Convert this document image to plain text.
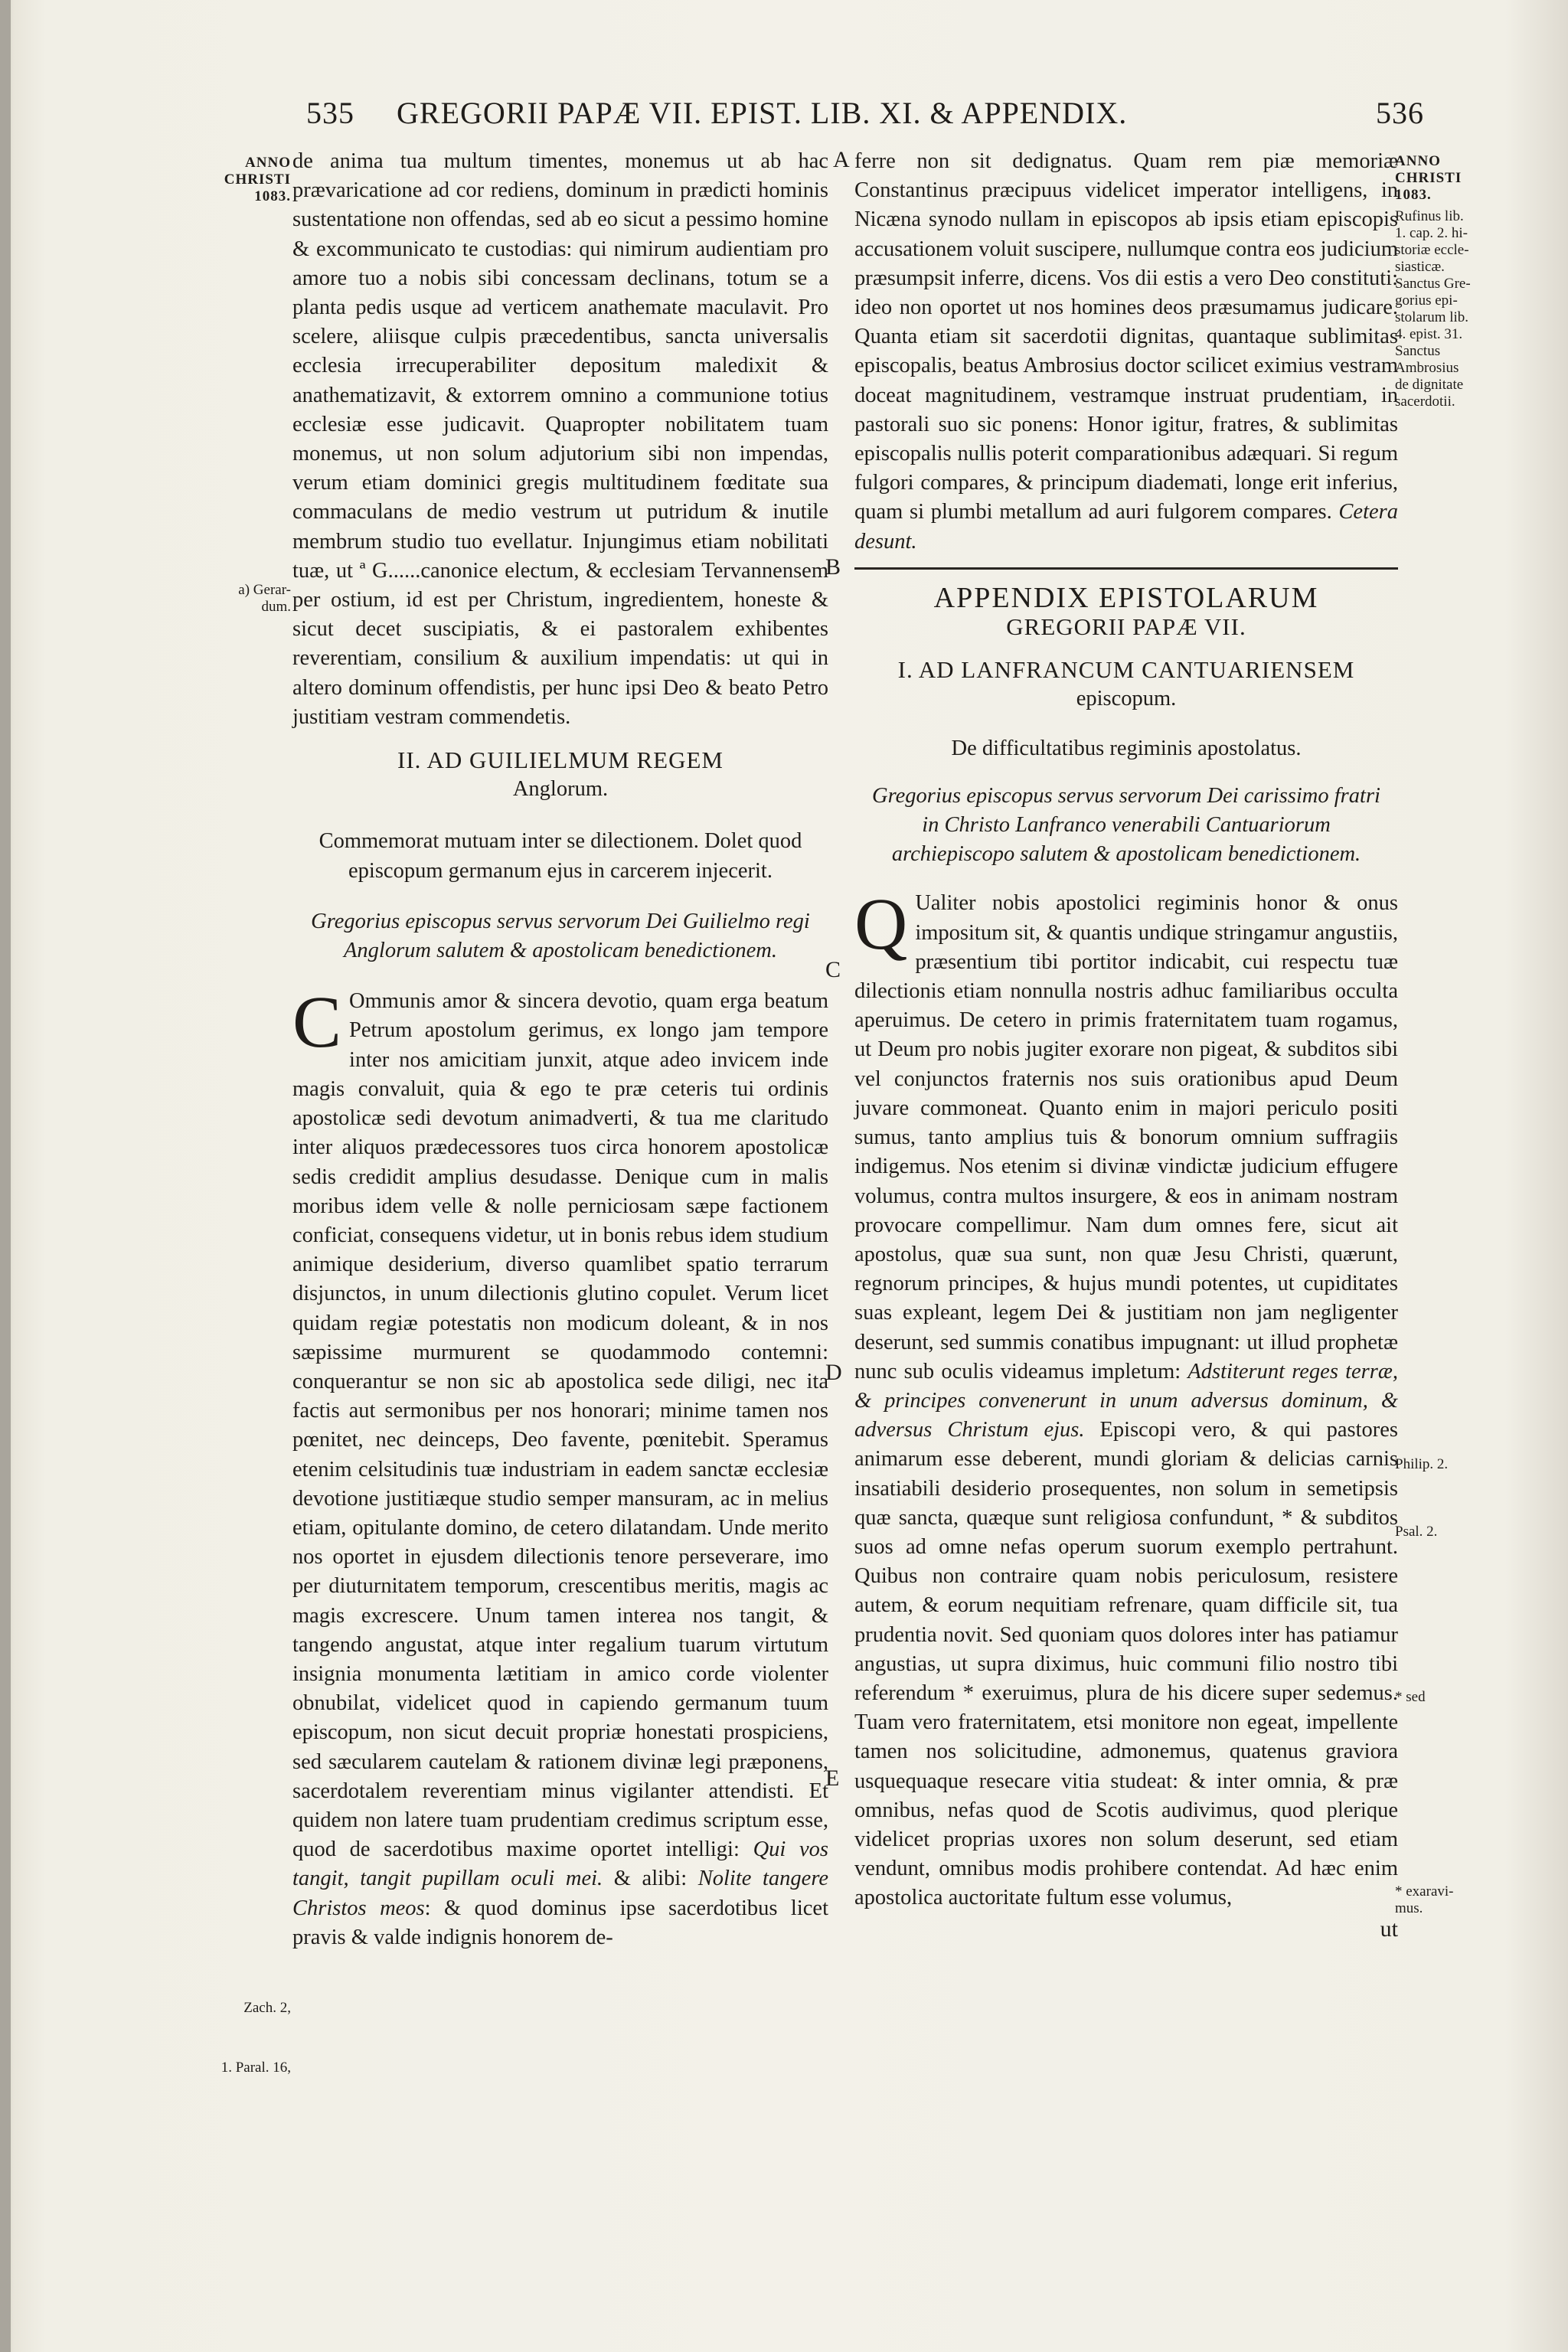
535 GREGORII PAPÆ VII. EPIST. LIB. XI. & APPENDIX.	536
ANNO
CHRISTI
1083.
a) Gerar-
dum.
Zach. 2,
1. Paral. 16,
A
B
C
D
E

de anima tua multum timentes, monemus ut ab hac prævaricatione ad cor rediens, dominum in prædicti hominis sustentatione non offendas, sed ab eo sicut a pessimo homine & excommunicato te custodias: qui nimirum audientiam pro amore tuo a nobis sibi concessam declinans, totum se a planta pedis usque ad verticem anathemate maculavit. Pro scelere, aliisque culpis præcedentibus, sancta universalis ecclesia irrecuperabiliter depositum maledixit & anathematizavit, & extorrem omnino a communione totius ecclesiæ esse judicavit. Quapropter nobilitatem tuam monemus, ut non solum adjutorium sibi non impendas, verum etiam dominici gregis multitudinem fœditate sua commaculans de medio vestrum ut putridum & inutile membrum studio tuo evellatur. Injungimus etiam nobilitati tuæ, ut ª G......canonice electum, & ecclesiam Tervannensem per ostium, id est per Christum, ingredientem, honeste & sicut decet suscipiatis, & ei pastoralem exhibentes reverentiam, consilium & auxilium impendatis: ut qui in altero dominum offendistis, per hunc ipsi Deo & beato Petro justitiam vestram commendetis.

II. AD GUILIELMUM REGEM

Anglorum.

Commemorat mutuam inter se dilectionem. Dolet quod episcopum germanum ejus in carcerem injecerit.

Gregorius episcopus servus servorum Dei Guilielmo regi Anglorum salutem & apostolicam benedictionem.

C Ommunis amor & sincera devotio, quam erga beatum Petrum apostolum gerimus, ex longo jam tempore inter nos amicitiam junxit, atque adeo invicem inde magis convaluit, quia & ego te præ ceteris tui ordinis apostolicæ sedi devotum animadverti, & tua me claritudo inter aliquos prædecessores tuos circa honorem apostolicæ sedis credidit amplius desudasse. Denique cum in malis moribus idem velle & nolle perniciosam sæpe factionem conficiat, consequens videtur, ut in bonis rebus idem studium animique desiderium, diverso quamlibet spatio terrarum disjunctos, in unum dilectionis glutino copulet. Verum licet quidam regiæ potestatis non modicum doleant, & in nos sæpissime murmurent se quodammodo contemni: conquerantur se non sic ab apostolica sede diligi, nec ita factis aut sermonibus per nos honorari; minime tamen nos pœnitet, nec deinceps, Deo favente, pœnitebit. Speramus etenim celsitudinis tuæ industriam in eadem sanctæ ecclesiæ devotione justitiæque studio semper mansuram, ac in melius etiam, opitulante domino, de cetero dilatandam. Unde merito nos oportet in ejusdem dilectionis tenore perseverare, imo per diuturnitatem temporum, crescentibus meritis, magis ac magis excrescere. Unum tamen interea nos tangit, & tangendo angustat, atque inter regalium tuarum virtutum insignia monumenta lætitiam in amico corde violenter obnubilat, videlicet quod in capiendo germanum tuum episcopum, non sicut decuit propriæ honestati prospiciens, sed sæcularem cautelam & rationem divinæ legi præponens, sacerdotalem reverentiam minus vigilanter attendisti. Et quidem non latere tuam prudentiam credimus scriptum esse, quod de sacerdotibus maxime oportet intelligi: Qui vos tangit, tangit pupillam oculi mei. & alibi: Nolite tangere Christos meos: & quod dominus ipse sacerdotibus licet pravis & valde indignis honorem de-

ferre non sit dedignatus. Quam rem piæ memoriæ Constantinus præcipuus videlicet imperator intelligens, in Nicæna synodo nullam in episcopos ab ipsis etiam episcopis accusationem voluit suscipere, nullumque contra eos judicium præsumpsit inferre, dicens. Vos dii estis a vero Deo constituti: ideo non oportet ut nos homines deos præsumamus judicare. Quanta etiam sit sacerdotii dignitas, quantaque sublimitas episcopalis, beatus Ambrosius doctor scilicet eximius vestram doceat magnitudinem, vestramque instruat prudentiam, in pastorali suo sic ponens: Honor igitur, fratres, & sublimitas episcopalis nullis poterit comparationibus adæquari. Si regum fulgori compares, & principum diademati, longe erit inferius, quam si plumbi metallum ad auri fulgorem compares. Cetera desunt.

APPENDIX EPISTOLARUM

GREGORII PAPÆ VII.

I. AD LANFRANCUM CANTUARIENSEM

episcopum.

De difficultatibus regiminis apostolatus.

Gregorius episcopus servus servorum Dei carissimo fratri in Christo Lanfranco venerabili Cantuariorum archiepiscopo salutem & apostolicam benedictionem.

Q Ualiter nobis apostolici regiminis honor & onus impositum sit, & quantis undique stringamur angustiis, præsentium tibi portitor indicabit, cui respectu tuæ dilectionis etiam nonnulla nostris adhuc familiaribus occulta aperuimus. De cetero in primis fraternitatem tuam rogamus, ut Deum pro nobis jugiter exorare non pigeat, & subditos sibi vel conjunctos fraternis nos suis orationibus apud Deum juvare commoneat. Quanto enim in majori periculo positi sumus, tanto amplius tuis & bonorum omnium suffragiis indigemus. Nos etenim si divinæ vindictæ judicium effugere volumus, contra multos insurgere, & eos in animam nostram provocare compellimur. Nam dum omnes fere, sicut ait apostolus, quæ sua sunt, non quæ Jesu Christi, quærunt, regnorum principes, & hujus mundi potentes, ut cupiditates suas expleant, legem Dei & justitiam non jam negligenter deserunt, sed summis conatibus impugnant: ut illud prophetæ nunc sub oculis videamus impletum: Adstiterunt reges terræ, & principes convenerunt in unum adversus dominum, & adversus Christum ejus. Episcopi vero, & qui pastores animarum esse deberent, mundi gloriam & delicias carnis insatiabili desiderio prosequentes, non solum in semetipsis quæ sancta, quæque sunt religiosa confundunt, * & subditos suos ad omne nefas operum suorum exemplo pertrahunt. Quibus non contraire quam nobis periculosum, resistere autem, & eorum nequitiam refrenare, quam difficile sit, tua prudentia novit. Sed quoniam quos dolores inter has patiamur angustias, ut supra diximus, huic communi filio nostro tibi referendum * exeruimus, plura de his dicere super sedemus. Tuam vero fraternitatem, etsi monitore non egeat, impellente tamen nos solicitudine, admonemus, quatenus graviora usquequaque resecare vitia studeat: & inter omnia, & præ omnibus, nefas quod de Scotis audivimus, quod plerique videlicet proprias uxores non solum deserunt, sed etiam vendunt, omnibus modis prohibere contendat. Ad hæc enim apostolica auctoritate fultum esse volumus,

ut
ANNO
CHRISTI
1083.
Rufinus lib.
1. cap. 2. hi-
storiæ eccle-
siasticæ.
Sanctus Gre-
gorius epi-
stolarum lib.
4. epist. 31.
Sanctus
Ambrosius
de dignitate
sacerdotii.
Philip. 2.
Psal. 2.
* sed
* exaravi-
mus.
